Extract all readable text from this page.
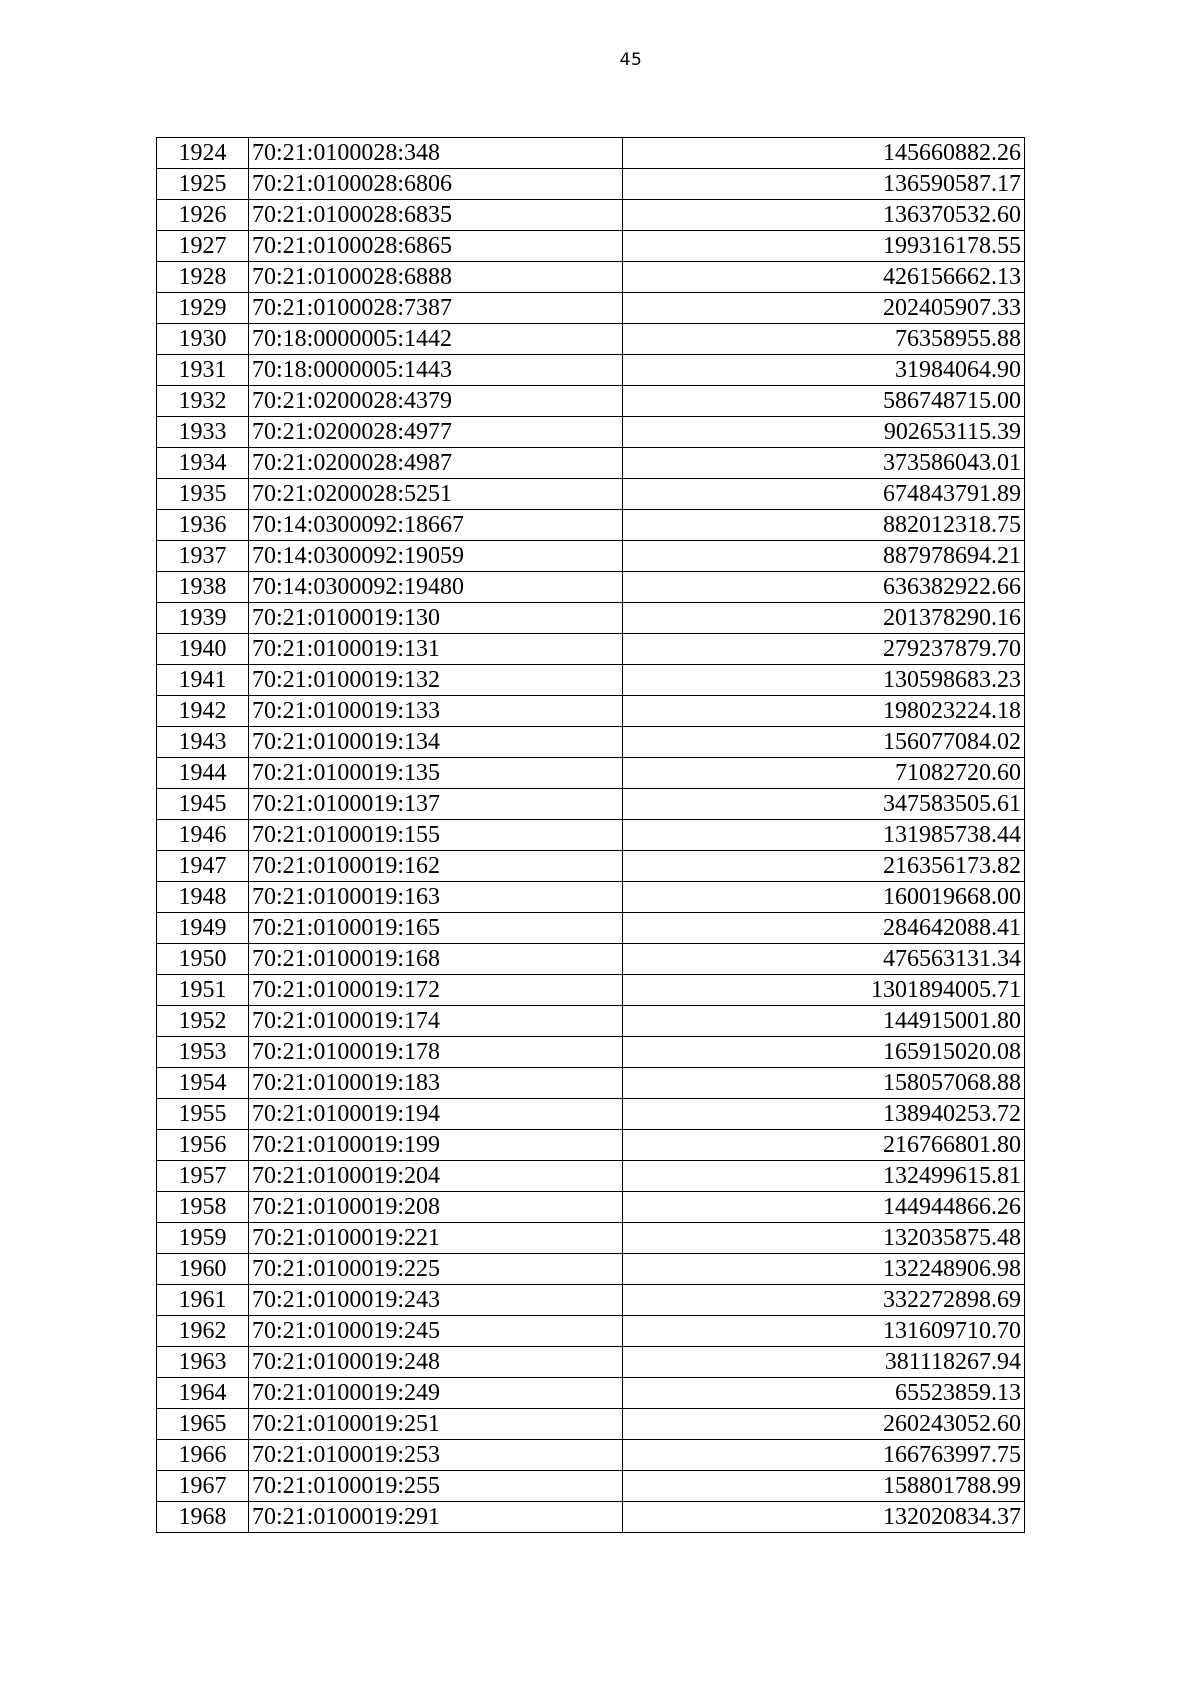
45
1924	70:21:0100028:348	145660882.26
1925	70:21:0100028:6806	136590587.17
1926	70:21:0100028:6835	136370532.60
1927	70:21:0100028:6865	199316178.55
1928	70:21:0100028:6888	426156662.13
1929	70:21:0100028:7387	202405907.33
1930	70:18:0000005:1442	76358955.88
1931	70:18:0000005:1443	31984064.90
1932	70:21:0200028:4379	586748715.00
1933	70:21:0200028:4977	902653115.39
1934	70:21:0200028:4987	373586043.01
1935	70:21:0200028:5251	674843791.89
1936	70:14:0300092:18667	882012318.75
1937	70:14:0300092:19059	887978694.21
1938	70:14:0300092:19480	636382922.66
1939	70:21:0100019:130	201378290.16
1940	70:21:0100019:131	279237879.70
1941	70:21:0100019:132	130598683.23
1942	70:21:0100019:133	198023224.18
1943	70:21:0100019:134	156077084.02
1944	70:21:0100019:135	71082720.60
1945	70:21:0100019:137	347583505.61
1946	70:21:0100019:155	131985738.44
1947	70:21:0100019:162	216356173.82
1948	70:21:0100019:163	160019668.00
1949	70:21:0100019:165	284642088.41
1950	70:21:0100019:168	476563131.34
1951	70:21:0100019:172	1301894005.71
1952	70:21:0100019:174	144915001.80
1953	70:21:0100019:178	165915020.08
1954	70:21:0100019:183	158057068.88
1955	70:21:0100019:194	138940253.72
1956	70:21:0100019:199	216766801.80
1957	70:21:0100019:204	132499615.81
1958	70:21:0100019:208	144944866.26
1959	70:21:0100019:221	132035875.48
1960	70:21:0100019:225	132248906.98
1961	70:21:0100019:243	332272898.69
1962	70:21:0100019:245	131609710.70
1963	70:21:0100019:248	381118267.94
1964	70:21:0100019:249	65523859.13
1965	70:21:0100019:251	260243052.60
1966	70:21:0100019:253	166763997.75
1967	70:21:0100019:255	158801788.99
1968	70:21:0100019:291	132020834.37
